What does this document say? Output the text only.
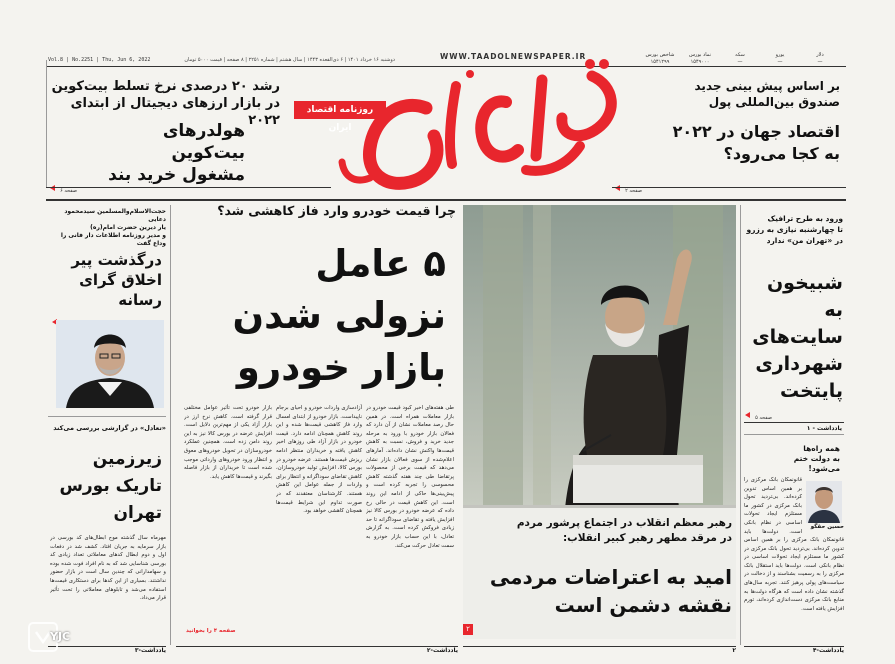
Vol.8 | No.2251 | Thu, Jun 6, 2022	دوشنبه ۱۶ خرداد ۱۴۰۱ | ۶ ذی‌القعده ۱۴۴۳ | سال هشتم | شماره ۲۲۵۱ | ۸ صفحه | قیمت ۵۰۰۰ تومان	WWW.TAADOLNEWSPAPER.IR	دلار
—
یورو
—
سکه
—
نماد بورس
۱۵۴۹۰۰۰
شاخص بورس
۱۵۴۱۲۹۹
روزنامه اقتصاد ایران
رشد ۲۰ درصدی نرخ تسلط بیت‌کوین
در بازار ارزهای دیجیتال از ابتدای ۲۰۲۲
هولدرهای بیت‌کوین
مشغول خرید بند
صفحه ۶
بر اساس پیش بینی جدید
صندوق بین‌المللی پول
اقتصاد جهان در ۲۰۲۲
به کجا می‌رود؟
صفحه ۲
حجت‌الاسلام‌والمسلمین سیدمحمود دعایی
یار دیرین حضرت امام(ره)
و مدیر روزنامه اطلاعات دار فانی را وداع گفت
درگذشت پیر
اخلاق گرای
رسانه
«تعادل» در گزارشی بررسی می‌کند
زیرزمین
تاریک بورس
تهران
مهرماه سال گذشته موج ابطال‌های کد بورسی در بازار سرمایه به جریان افتاد. کشف شد در دفعات اول و دوم ابطال کدهای معاملاتی تعداد زیادی کد بورسی شناسایی شد که به نام افراد فوت شده بوده و سهامدارانی که چندین سال است در بازار حضور نداشتند. بسیاری از این کدها برای دستکاری قیمت‌ها استفاده می‌شد و تابلوهای معاملاتی را تحت تأثیر قرار می‌داد.
یادداشت-۳
چرا قیمت خودرو وارد فاز کاهشی شد؟
۵ عامل
نزولی شدن
بازار خودرو
طی هفته‌های اخیر کبود قیمت خودرو در بازار معاملات همراه است. در همین حال رصد معاملات نشان از آن دارد که فعالان بازار خودرو با ورود به مرحله جدید خرید و فروش، نسبت به کاهش قیمت‌ها واکنش نشان داده‌اند. آمارهای اعلام‌شده از سوی فعالان بازار نشان می‌دهد که قیمت برخی از محصولات پرتقاضا طی چند هفته گذشته کاهش محسوسی را تجربه کرده است و پیش‌بینی‌ها حاکی از ادامه این روند است. این کاهش قیمت در حالی رخ داده که عرضه خودرو در بورس کالا نیز افزایش یافته و تقاضای سوداگرانه تا حد زیادی فروکش کرده است. به گزارش تعادل، با این حساب بازار خودرو به سمت تعادل حرکت می‌کند.
آزادسازی واردات خودرو و احیای برجام ناپیداست. بازار خودرو از ابتدای امسال وارد فاز کاهشی قیمت‌ها شده و این روند کاهش همچنان ادامه دارد. قیمت خودرو در بازار آزاد طی روزهای اخیر کاهش یافته و خریداران منتظر ادامه ریزش قیمت‌ها هستند. عرضه خودرو در بورس کالا، افزایش تولید خودروسازان، کاهش تقاضای سوداگرانه و انتظار برای واردات از جمله عوامل این کاهش هستند. کارشناسان معتقدند که در صورت تداوم این شرایط قیمت‌ها همچنان کاهشی خواهد بود.
بازار خودرو تحت تأثیر عوامل مختلفی قرار گرفته است. کاهش نرخ ارز در بازار آزاد یکی از مهم‌ترین دلایل است. افزایش عرضه در بورس کالا نیز به این روند دامن زده است. همچنین عملکرد خودروسازان در تحویل خودروهای معوق و انتظار ورود خودروهای وارداتی موجب شده است تا خریداران از بازار فاصله بگیرند و قیمت‌ها کاهش یابد.
صفحه ۴ را بخوانید
یادداشت-۲
رهبر معظم انقلاب در اجتماع پرشور مردم
در مرقد مطهر رهبر کبیر انقلاب:
امید به اعتراضات مردمی
نقشه دشمن است
۲
۲
ورود به طرح ترافیک
تا چهارشنبه نیازی به رزرو
در «تهران من» ندارد
شبیخون
به سایت‌های
شهرداری
پایتخت
صفحه ۵
یادداشت - ۱
همه راه‌ها
به دولت ختم می‌شود!
حسین حقگو
قانونمکان بانک مرکزی را بر همین اساس تدوین کرده‌اند. بی‌تردید تحول بانک مرکزی در کشور ما مستلزم ایجاد تحولات اساسی در نظام بانکی است. دولت‌ها باید
قانونمکان بانک مرکزی را بر همین اساس تدوین کرده‌اند. بی‌تردید تحول بانک مرکزی در کشور ما مستلزم ایجاد تحولات اساسی در نظام بانکی است. دولت‌ها باید استقلال بانک مرکزی را به رسمیت بشناسند و از دخالت در سیاست‌های پولی پرهیز کنند. تجربه سال‌های گذشته نشان داده است که هرگاه دولت‌ها به منابع بانک مرکزی دست‌اندازی کرده‌اند، تورم افزایش یافته است.
یادداشت-۴
YJC
